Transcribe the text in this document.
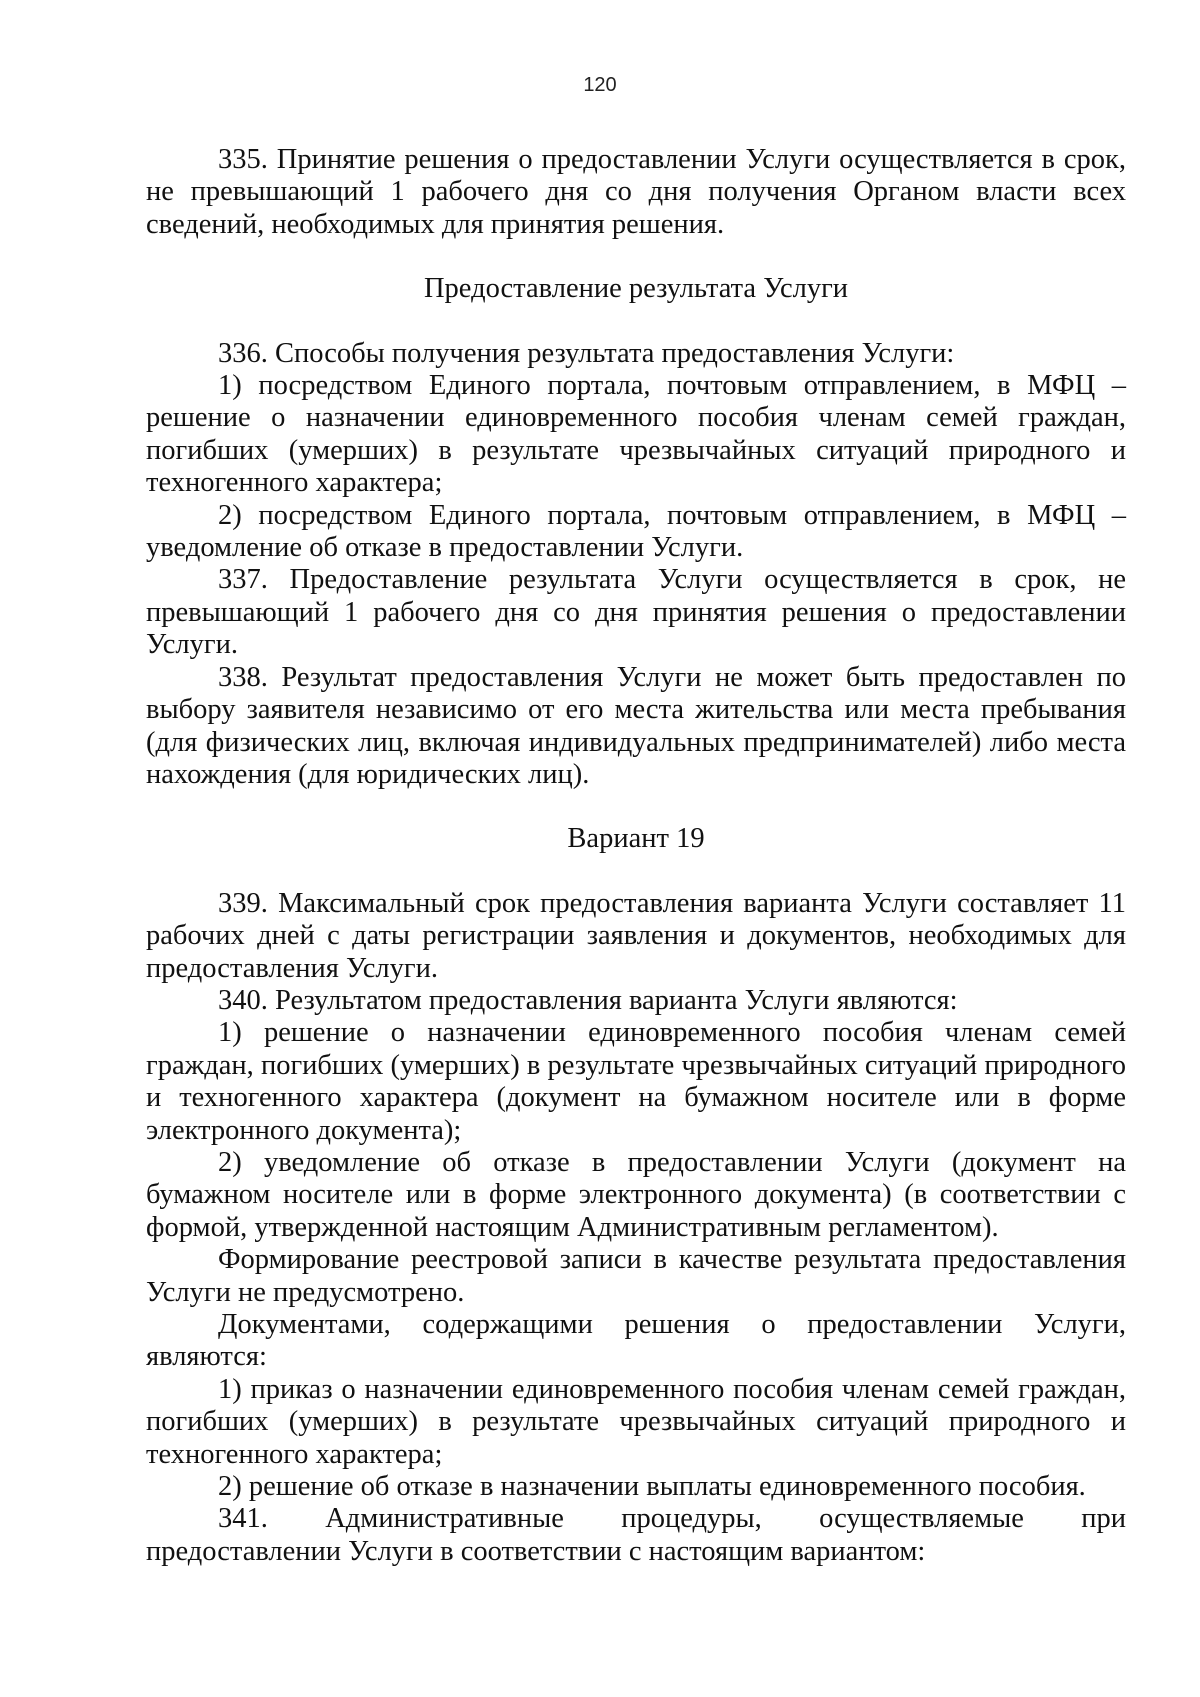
120

335. Принятие решения о предоставлении Услуги осуществляется в срок, не превышающий 1 рабочего дня со дня получения Органом власти всех сведений, необходимых для принятия решения.

Предоставление результата Услуги

336. Способы получения результата предоставления Услуги:

1) посредством Единого портала, почтовым отправлением, в МФЦ – решение о назначении единовременного пособия членам семей граждан, погибших (умерших) в результате чрезвычайных ситуаций природного и техногенного характера;

2) посредством Единого портала, почтовым отправлением, в МФЦ – уведомление об отказе в предоставлении Услуги.

337. Предоставление результата Услуги осуществляется в срок, не превышающий 1 рабочего дня со дня принятия решения о предоставлении Услуги.

338. Результат предоставления Услуги не может быть предоставлен по выбору заявителя независимо от его места жительства или места пребывания (для физических лиц, включая индивидуальных предпринимателей) либо места нахождения (для юридических лиц).

Вариант 19

339. Максимальный срок предоставления варианта Услуги составляет 11 рабочих дней с даты регистрации заявления и документов, необходимых для предоставления Услуги.

340. Результатом предоставления варианта Услуги являются:

1) решение о назначении единовременного пособия членам семей граждан, погибших (умерших) в результате чрезвычайных ситуаций природного и техногенного характера (документ на бумажном носителе или в форме электронного документа);

2) уведомление об отказе в предоставлении Услуги (документ на бумажном носителе или в форме электронного документа) (в соответствии с формой, утвержденной настоящим Административным регламентом).

Формирование реестровой записи в качестве результата предоставления Услуги не предусмотрено.

Документами, содержащими решения о предоставлении Услуги, являются:

1) приказ о назначении единовременного пособия членам семей граждан, погибших (умерших) в результате чрезвычайных ситуаций природного и техногенного характера;

2) решение об отказе в назначении выплаты единовременного пособия.

341. Административные процедуры, осуществляемые при предоставлении Услуги в соответствии с настоящим вариантом:
